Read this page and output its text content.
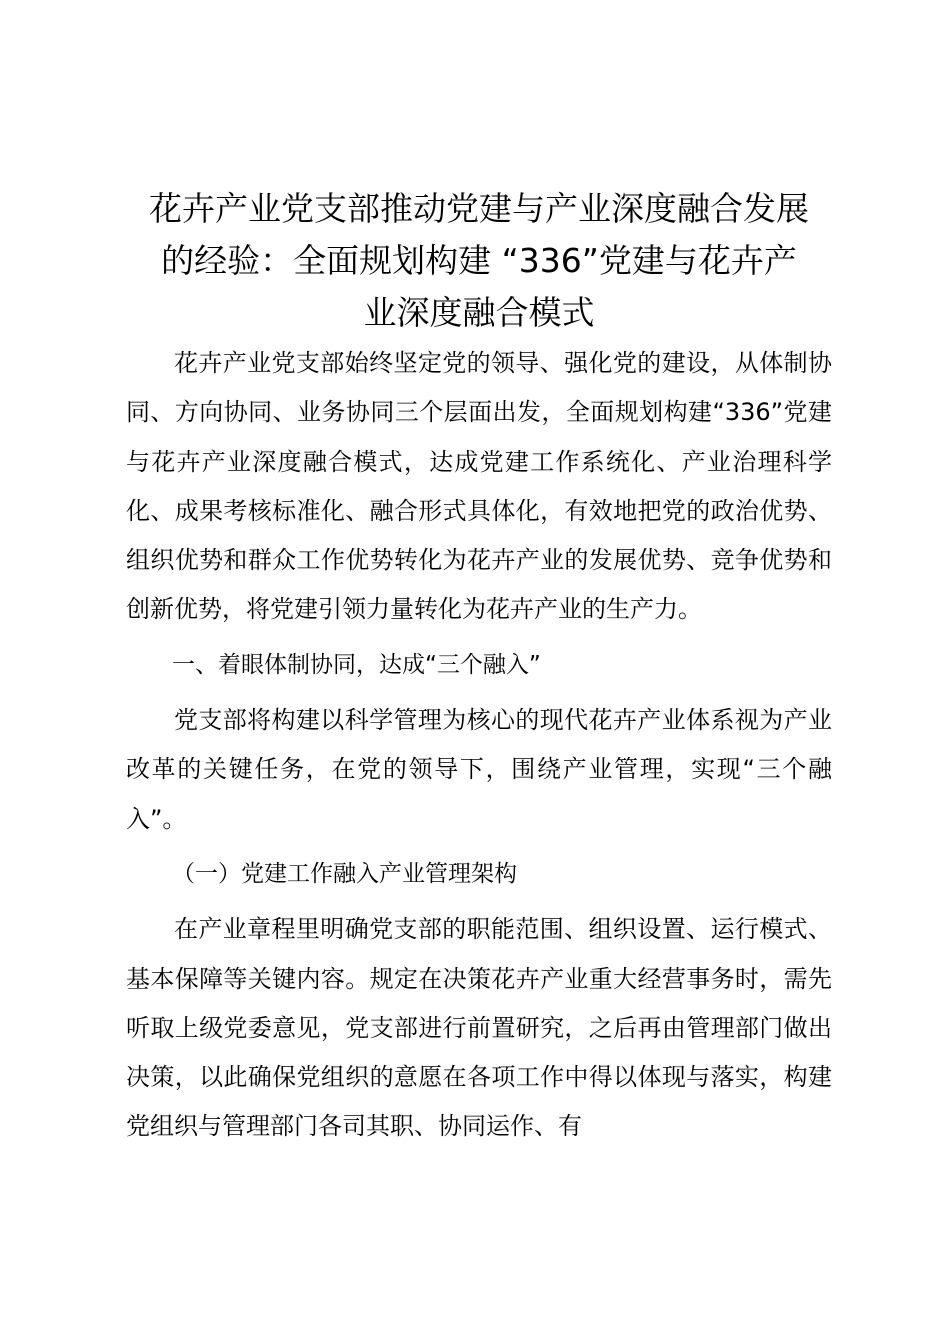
花卉产业党支部推动党建与产业深度融合发展
的经验：全面规划构建 “336”党建与花卉产
业深度融合模式

花卉产业党支部始终坚定党的领导、强化党的建设，从体制协同、方向协同、业务协同三个层面出发，全面规划构建“336”党建与花卉产业深度融合模式，达成党建工作系统化、产业治理科学化、成果考核标准化、融合形式具体化，有效地把党的政治优势、组织优势和群众工作优势转化为花卉产业的发展优势、竞争优势和创新优势，将党建引领力量转化为花卉产业的生产力。

一、着眼体制协同，达成“三个融入”

党支部将构建以科学管理为核心的现代花卉产业体系视为产业改革的关键任务，在党的领导下，围绕产业管理，实现“三个融入”。

（一）党建工作融入产业管理架构

在产业章程里明确党支部的职能范围、组织设置、运行模式、基本保障等关键内容。规定在决策花卉产业重大经营事务时，需先听取上级党委意见，党支部进行前置研究，之后再由管理部门做出决策，以此确保党组织的意愿在各项工作中得以体现与落实，构建党组织与管理部门各司其职、协同运作、有
